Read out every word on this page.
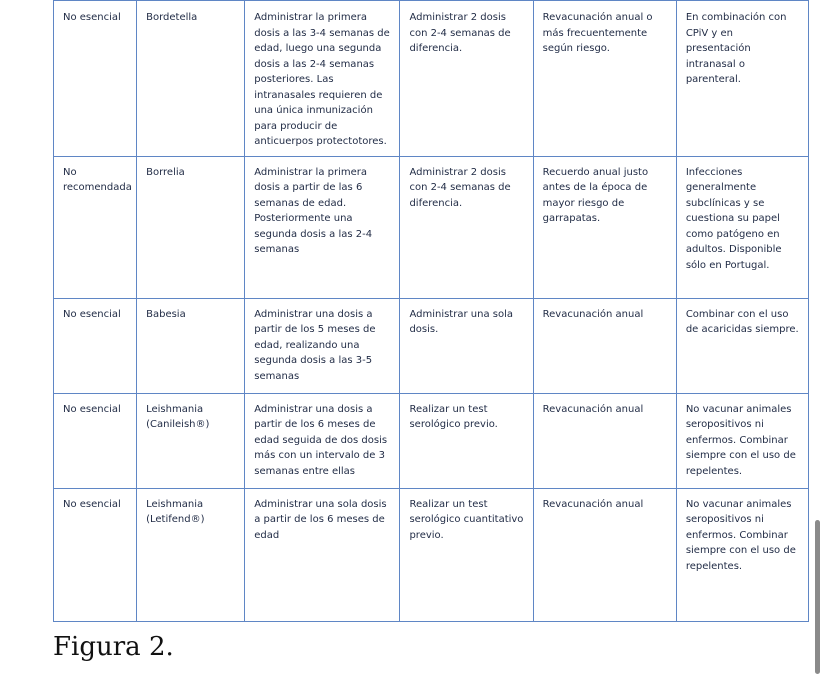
No esencial	Bordetella	Administrar la primera dosis a las 3-4 semanas de edad, luego una segunda dosis a las 2-4 semanas posteriores. Las intranasales requieren de una única inmunización para producir de anticuerpos protectotores.	Administrar 2 dosis con 2-4 semanas de diferencia.	Revacunación anual o más frecuentemente según riesgo.	En combinación con CPiV y en presentación intranasal o parenteral.
No recomendada	Borrelia	Administrar la primera dosis a partir de las 6 semanas de edad. Posteriormente una segunda dosis a las 2-4 semanas	Administrar 2 dosis con 2-4 semanas de diferencia.	Recuerdo anual justo antes de la época de mayor riesgo de garrapatas.	Infecciones generalmente subclínicas y se cuestiona su papel como patógeno en adultos. Disponible sólo en Portugal.
No esencial	Babesia	Administrar una dosis a partir de los 5 meses de edad, realizando una segunda dosis a las 3-5 semanas	Administrar una sola dosis.	Revacunación anual	Combinar con el uso de acaricidas siempre.
No esencial	Leishmania (Canileish®)	Administrar una dosis a partir de los 6 meses de edad seguida de dos dosis más con un intervalo de 3 semanas entre ellas	Realizar un test serológico previo.	Revacunación anual	No vacunar animales seropositivos ni enfermos. Combinar siempre con el uso de repelentes.
No esencial	Leishmania (Letifend®)	Administrar una sola dosis a partir de los 6 meses de edad	Realizar un test serológico cuantitativo previo.	Revacunación anual	No vacunar animales seropositivos ni enfermos. Combinar siempre con el uso de repelentes.
Figura 2.
